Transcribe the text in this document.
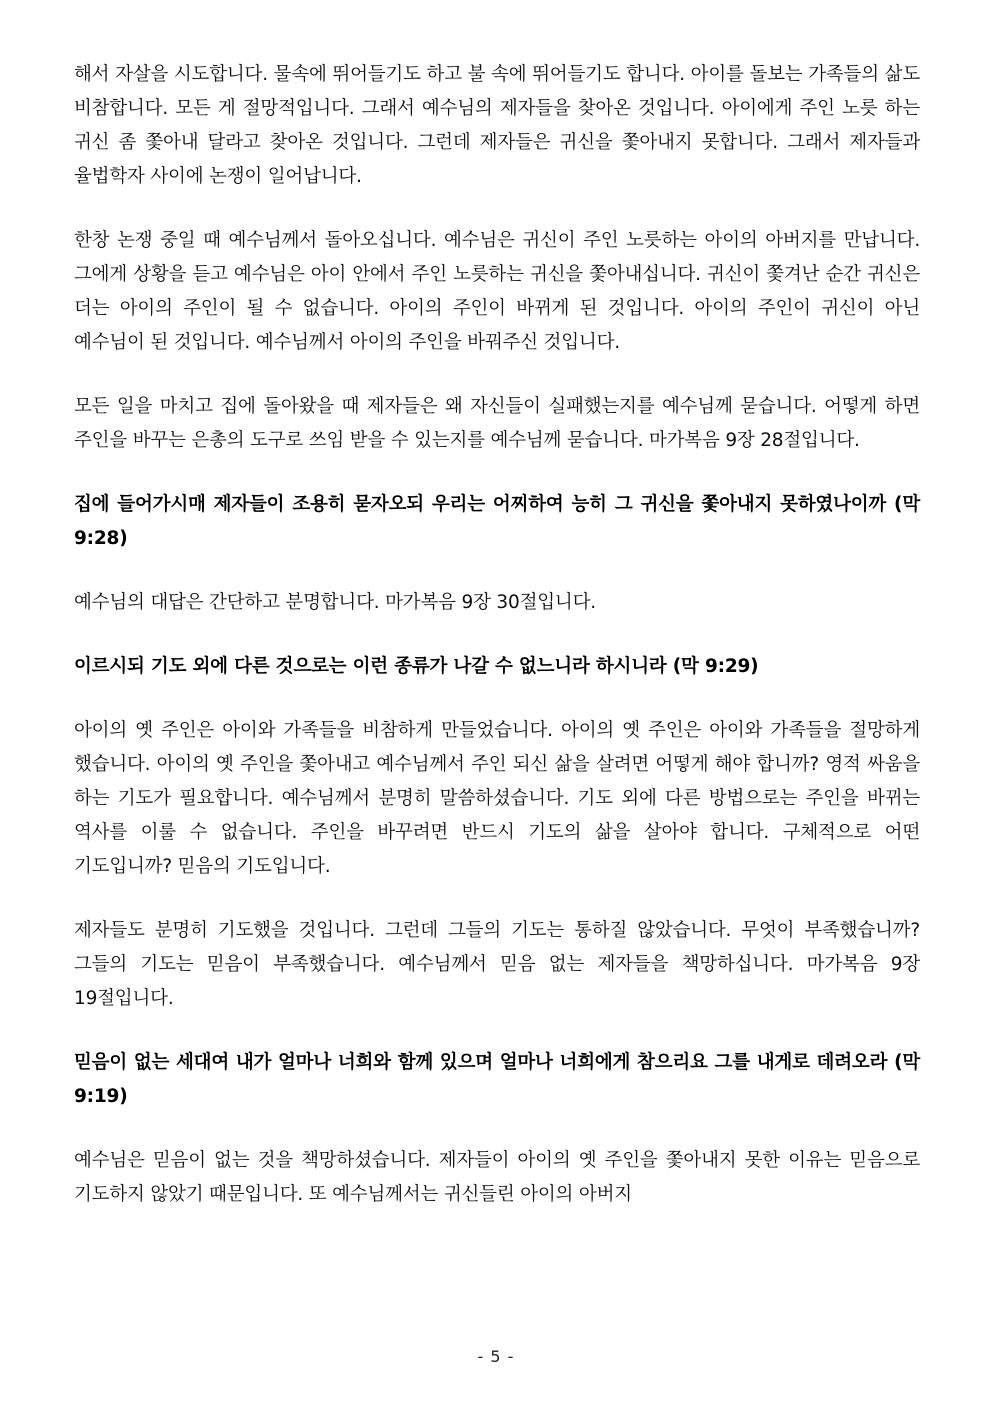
해서 자살을 시도합니다. 물속에 뛰어들기도 하고 불 속에 뛰어들기도 합니다. 아이를 돌보는 가족들의 삶도 비참합니다. 모든 게 절망적입니다. 그래서 예수님의 제자들을 찾아온 것입니다. 아이에게 주인 노릇 하는 귀신 좀 쫓아내 달라고 찾아온 것입니다. 그런데 제자들은 귀신을 쫓아내지 못합니다. 그래서 제자들과 율법학자 사이에 논쟁이 일어납니다.

한창 논쟁 중일 때 예수님께서 돌아오십니다. 예수님은 귀신이 주인 노릇하는 아이의 아버지를 만납니다. 그에게 상황을 듣고 예수님은 아이 안에서 주인 노릇하는 귀신을 쫓아내십니다. 귀신이 쫓겨난 순간 귀신은 더는 아이의 주인이 될 수 없습니다. 아이의 주인이 바뀌게 된 것입니다. 아이의 주인이 귀신이 아닌 예수님이 된 것입니다. 예수님께서 아이의 주인을 바꿔주신 것입니다.

모든 일을 마치고 집에 돌아왔을 때 제자들은 왜 자신들이 실패했는지를 예수님께 묻습니다. 어떻게 하면 주인을 바꾸는 은총의 도구로 쓰임 받을 수 있는지를 예수님께 묻습니다. 마가복음 9장 28절입니다.

집에 들어가시매 제자들이 조용히 묻자오되 우리는 어찌하여 능히 그 귀신을 쫓아내지 못하였나이까 (막 9:28)

예수님의 대답은 간단하고 분명합니다. 마가복음 9장 30절입니다.

이르시되 기도 외에 다른 것으로는 이런 종류가 나갈 수 없느니라 하시니라 (막 9:29)

아이의 옛 주인은 아이와 가족들을 비참하게 만들었습니다. 아이의 옛 주인은 아이와 가족들을 절망하게 했습니다. 아이의 옛 주인을 쫓아내고 예수님께서 주인 되신 삶을 살려면 어떻게 해야 합니까? 영적 싸움을 하는 기도가 필요합니다. 예수님께서 분명히 말씀하셨습니다. 기도 외에 다른 방법으로는 주인을 바뀌는 역사를 이룰 수 없습니다. 주인을 바꾸려면 반드시 기도의 삶을 살아야 합니다. 구체적으로 어떤 기도입니까? 믿음의 기도입니다.

제자들도 분명히 기도했을 것입니다. 그런데 그들의 기도는 통하질 않았습니다. 무엇이 부족했습니까? 그들의 기도는 믿음이 부족했습니다. 예수님께서 믿음 없는 제자들을 책망하십니다. 마가복음 9장 19절입니다.

믿음이 없는 세대여 내가 얼마나 너희와 함께 있으며 얼마나 너희에게 참으리요 그를 내게로 데려오라 (막 9:19)

예수님은 믿음이 없는 것을 책망하셨습니다. 제자들이 아이의 옛 주인을 쫓아내지 못한 이유는 믿음으로 기도하지 않았기 때문입니다. 또 예수님께서는 귀신들린 아이의 아버지

- 5 -
